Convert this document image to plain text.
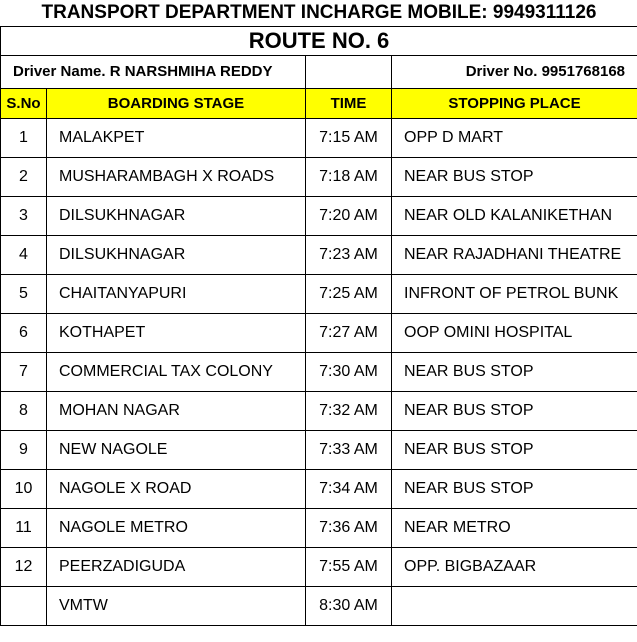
TRANSPORT DEPARTMENT INCHARGE MOBILE: 9949311126			
ROUTE NO. 6			
Driver Name. R NARSHMIHA REDDY			Driver No. 9951768168
S.No	BOARDING STAGE	TIME	STOPPING PLACE
1	MALAKPET	7:15 AM	OPP D MART
2	MUSHARAMBAGH X ROADS	7:18 AM	NEAR BUS STOP
3	DILSUKHNAGAR	7:20 AM	NEAR OLD KALANIKETHAN
4	DILSUKHNAGAR	7:23 AM	NEAR RAJADHANI THEATRE
5	CHAITANYAPURI	7:25 AM	INFRONT OF PETROL BUNK
6	KOTHAPET	7:27 AM	OOP OMINI HOSPITAL
7	COMMERCIAL TAX COLONY	7:30 AM	NEAR BUS STOP
8	MOHAN NAGAR	7:32 AM	NEAR BUS STOP
9	NEW NAGOLE	7:33 AM	NEAR BUS STOP
10	NAGOLE X ROAD	7:34 AM	NEAR BUS STOP
11	NAGOLE METRO	7:36 AM	NEAR METRO
12	PEERZADIGUDA	7:55 AM	OPP. BIGBAZAAR
	VMTW	8:30 AM	
